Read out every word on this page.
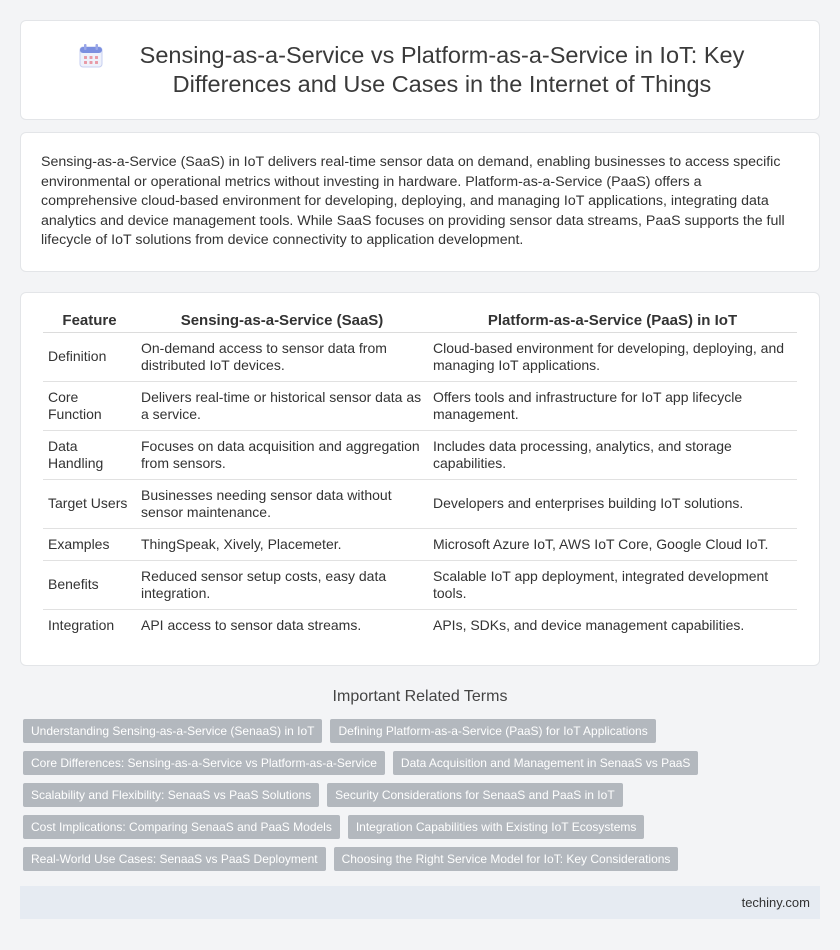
Sensing-as-a-Service vs Platform-as-a-Service in IoT: Key Differences and Use Cases in the Internet of Things

Sensing-as-a-Service (SaaS) in IoT delivers real-time sensor data on demand, enabling businesses to access specific environmental or operational metrics without investing in hardware. Platform-as-a-Service (PaaS) offers a comprehensive cloud-based environment for developing, deploying, and managing IoT applications, integrating data analytics and device management tools. While SaaS focuses on providing sensor data streams, PaaS supports the full lifecycle of IoT solutions from device connectivity to application development.

Feature	Sensing-as-a-Service (SaaS)	Platform-as-a-Service (PaaS) in IoT
Definition	On-demand access to sensor data from distributed IoT devices.	Cloud-based environment for developing, deploying, and managing IoT applications.
Core Function	Delivers real-time or historical sensor data as a service.	Offers tools and infrastructure for IoT app lifecycle management.
Data Handling	Focuses on data acquisition and aggregation from sensors.	Includes data processing, analytics, and storage capabilities.
Target Users	Businesses needing sensor data without sensor maintenance.	Developers and enterprises building IoT solutions.
Examples	ThingSpeak, Xively, Placemeter.	Microsoft Azure IoT, AWS IoT Core, Google Cloud IoT.
Benefits	Reduced sensor setup costs, easy data integration.	Scalable IoT app deployment, integrated development tools.
Integration	API access to sensor data streams.	APIs, SDKs, and device management capabilities.
Important Related Terms
Understanding Sensing-as-a-Service (SenaaS) in IoT	Defining Platform-as-a-Service (PaaS) for IoT Applications
Core Differences: Sensing-as-a-Service vs Platform-as-a-Service	Data Acquisition and Management in SenaaS vs PaaS
Scalability and Flexibility: SenaaS vs PaaS Solutions	Security Considerations for SenaaS and PaaS in IoT
Cost Implications: Comparing SenaaS and PaaS Models	Integration Capabilities with Existing IoT Ecosystems
Real-World Use Cases: SenaaS vs PaaS Deployment	Choosing the Right Service Model for IoT: Key Considerations
techiny.com
